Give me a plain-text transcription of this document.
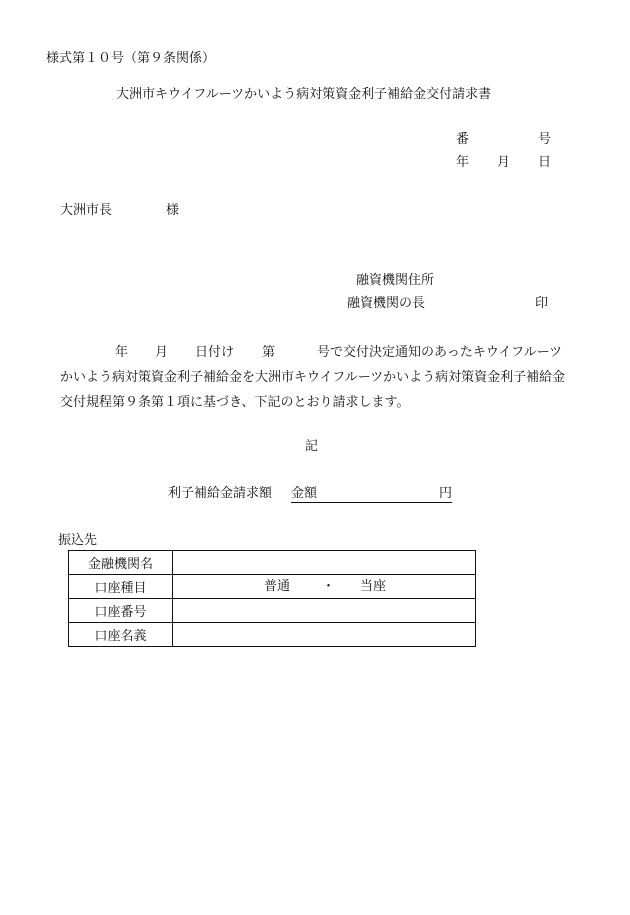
様式第１０号（第９条関係）
大洲市キウイフルーツかいよう病対策資金利子補給金交付請求書
番	号
年 月 日
大洲市長	様
融資機関住所
融資機関の長	印
年 月 日付け 第	号で交付決定通知のあったキウイフルーツ
かいよう病対策資金利子補給金を大洲市キウイフルーツかいよう病対策資金利子補給金
交付規程第９条第１項に基づき、下記のとおり請求します。
記
利子補給金請求額 金額	円
振込先
金融機関名	
口座種目	普通 ・ 当座

口座番号	
口座名義	
